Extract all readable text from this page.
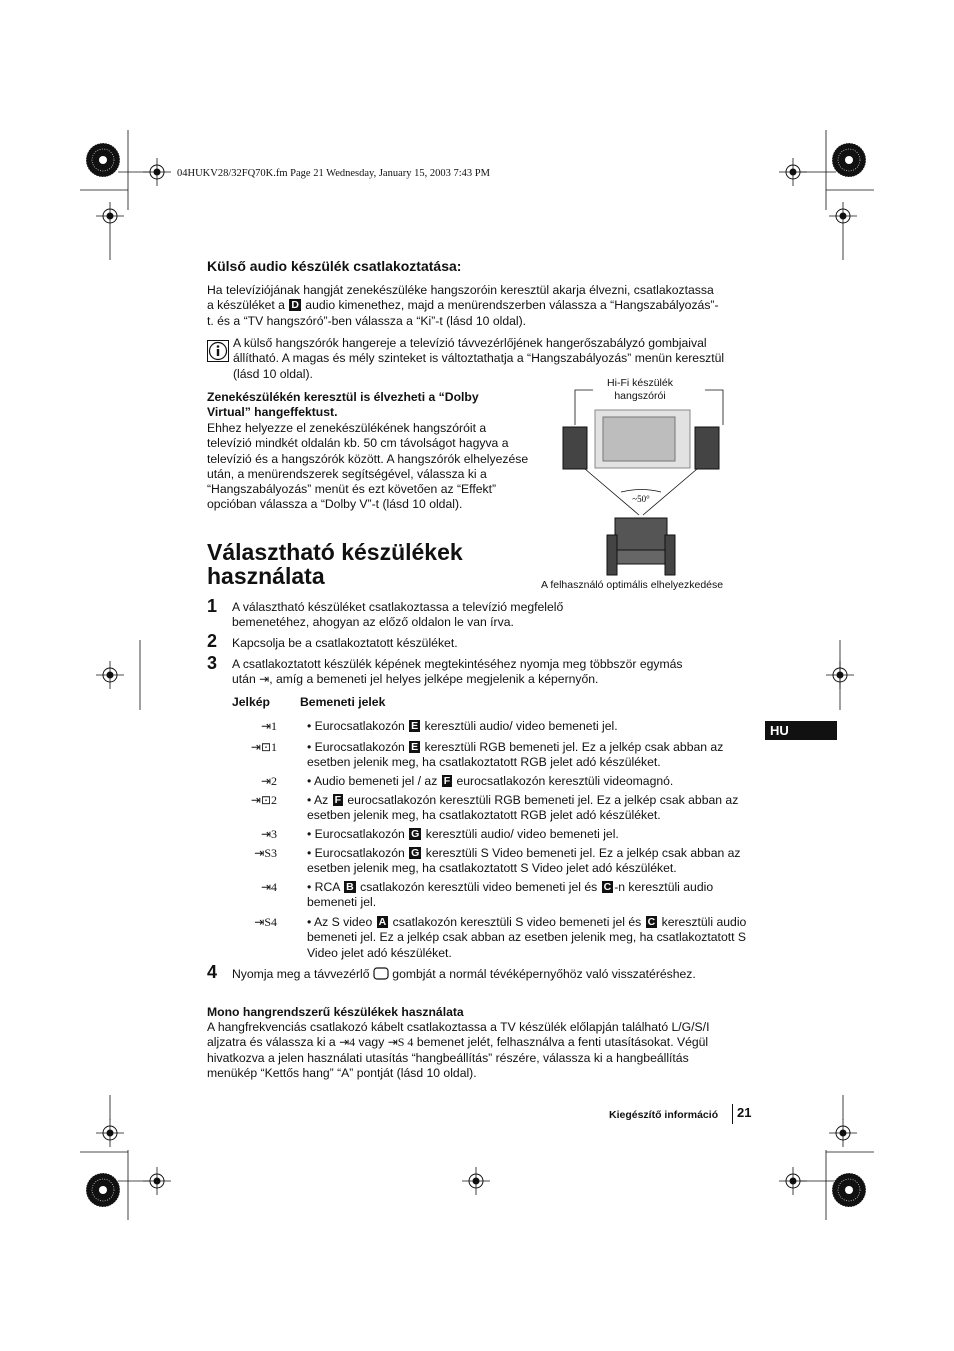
04HUKV28/32FQ70K.fm Page 21 Wednesday, January 15, 2003 7:43 PM
Külső audio készülék csatlakoztatása:
Ha televíziójának hangját zenekészüléke hangszoróin keresztül akarja élvezni, csatlakoztassa
a készüléket a D audio kimenethez, majd a menürendszerben válassza a “Hangszabályozás”-
t. és a “TV hangszóró”-ben válassza a “Ki”-t (lásd 10 oldal).
A külső hangszórók hangereje a televízió távvezérlőjének hangerőszabályzó gombjaival állítható. A magas és mély szinteket is változtathatja a “Hangszabályozás” menün keresztül (lásd 10 oldal).
Zenekészülékén keresztül is élvezheti a “Dolby Virtual” hangeffektust.
Ehhez helyezze el zenekészülékének hangszóróit a televízió mindkét oldalán kb. 50 cm távolságot hagyva a televízió és a hangszórók között. A hangszórók elhelyezése után, a menürendszerek segítségével, válassza ki a “Hangszabályozás” menüt és ezt követően az “Effekt” opcióban válassza a “Dolby V”-t (lásd 10 oldal).
Hi-Fi készülék hangszórói
~50°
A felhasználó optimális elhelyezkedése
Választható készülékek használata
1 A választható készüléket csatlakoztassa a televízió megfelelő bemenetéhez, ahogyan az előző oldalon le van írva.
2 Kapcsolja be a csatlakoztatott készüléket.
3 A csatlakoztatott készülék képének megtekintéséhez nyomja meg többször egymás
után ⇥, amíg a bemeneti jel helyes jelképe megjelenik a képernyőn.
Jelkép Bemeneti jelek
⇥1 • Eurocsatlakozón E keresztüli audio/ video bemeneti jel.
⇥⊡1 • Eurocsatlakozón E keresztüli RGB bemeneti jel. Ez a jelkép csak abban az esetben jelenik meg, ha csatlakoztatott RGB jelet adó készüléket.
⇥2 • Audio bemeneti jel / az F eurocsatlakozón keresztüli videomagnó.
⇥⊡2 • Az F eurocsatlakozón keresztüli RGB bemeneti jel. Ez a jelkép csak abban az esetben jelenik meg, ha csatlakoztatott RGB jelet adó készüléket.
⇥3 • Eurocsatlakozón G keresztüli audio/ video bemeneti jel.
⇥S3 • Eurocsatlakozón G keresztüli S Video bemeneti jel. Ez a jelkép csak abban az esetben jelenik meg, ha csatlakoztatott S Video jelet adó készüléket.
⇥4 • RCA B csatlakozón keresztüli video bemeneti jel és C -n keresztüli audio bemeneti jel.
⇥S4 • Az S video A csatlakozón keresztüli S video bemeneti jel és C keresztüli audio bemeneti jel. Ez a jelkép csak abban az esetben jelenik meg, ha csatlakoztatott S Video jelet adó készüléket.
4 Nyomja meg a távvezérlő gombját a normál tévéképernyőhöz való visszatéréshez.
Mono hangrendszerű készülékek használata
A hangfrekvenciás csatlakozó kábelt csatlakoztassa a TV készülék előlapján található L/G/S/I
aljzatra és válassza ki a ⇥4 vagy ⇥S 4 bemenet jelét, felhasználva a fenti utasításokat. Végül
hivatkozva a jelen használati utasítás “hangbeállítás” részére, válassza ki a hangbeállítás
menükép “Kettős hang” “A” pontját (lásd 10 oldal).
HU
Kiegészítő információ 21
